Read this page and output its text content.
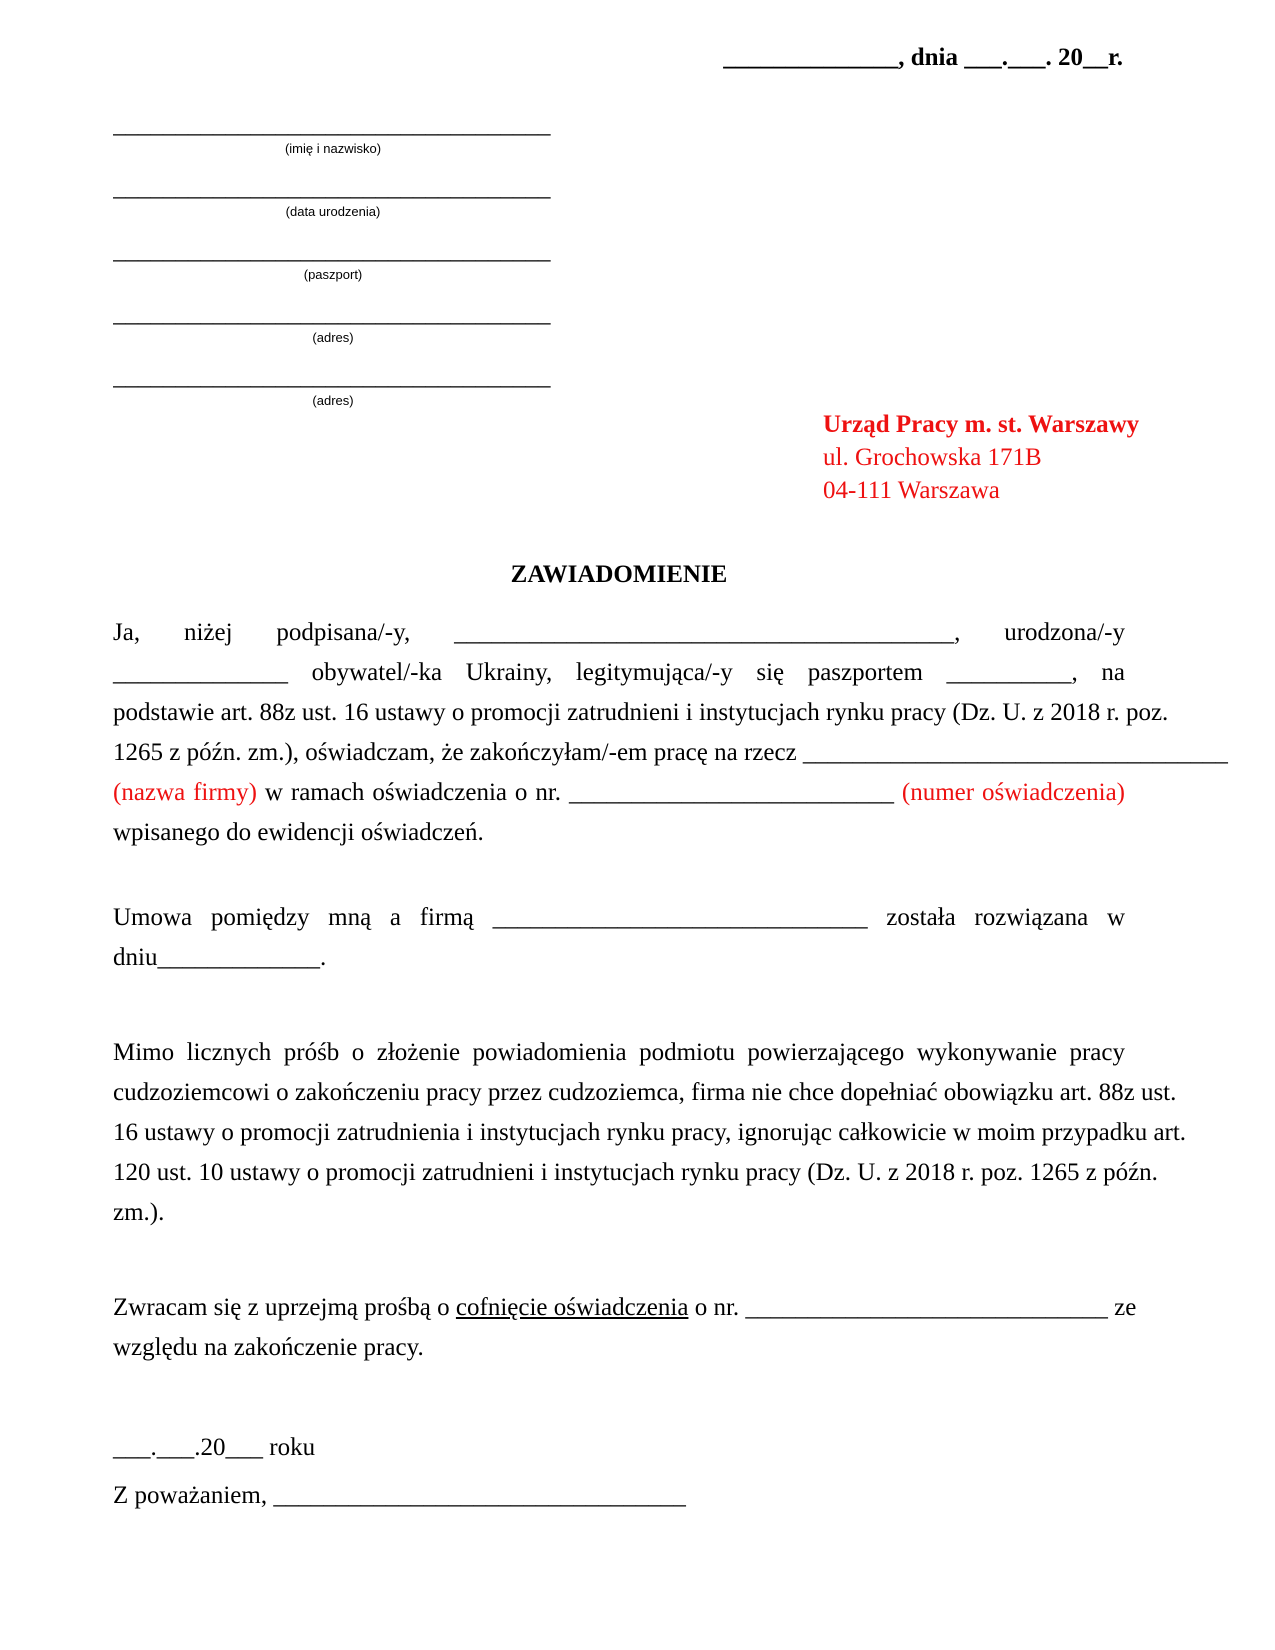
______________, dnia ___.___. 20__r.
___________________________________
(imię i nazwisko)
___________________________________
(data urodzenia)
___________________________________
(paszport)
___________________________________
(adres)
___________________________________
(adres)
Urząd Pracy m. st. Warszawy
ul. Grochowska 171B
04-111 Warszawa
ZAWIADOMIENIE
Ja, niżej podpisana/-y, ________________________________________, urodzona/-y
______________ obywatel/-ka Ukrainy, legitymująca/-y się paszportem __________, na
podstawie art. 88z ust. 16 ustawy o promocji zatrudnieni i instytucjach rynku pracy (Dz. U. z 2018 r. poz.
1265 z późn. zm.), oświadczam, że zakończyłam/-em pracę na rzecz __________________________________
(nazwa firmy) w ramach oświadczenia o nr. __________________________ (numer oświadczenia)
wpisanego do ewidencji oświadczeń.
Umowa pomiędzy mną a firmą ______________________________ została rozwiązana w
dniu_____________.
Mimo licznych próśb o złożenie powiadomienia podmiotu powierzającego wykonywanie pracy
cudzoziemcowi o zakończeniu pracy przez cudzoziemca, firma nie chce dopełniać obowiązku art. 88z ust.
16 ustawy o promocji zatrudnienia i instytucjach rynku pracy, ignorując całkowicie w moim przypadku art.
120 ust. 10 ustawy o promocji zatrudnieni i instytucjach rynku pracy (Dz. U. z 2018 r. poz. 1265 z późn.
zm.).
Zwracam się z uprzejmą prośbą o cofnięcie oświadczenia o nr. _____________________________ ze
względu na zakończenie pracy.
___.___.20___ roku
Z poważaniem, _________________________________
